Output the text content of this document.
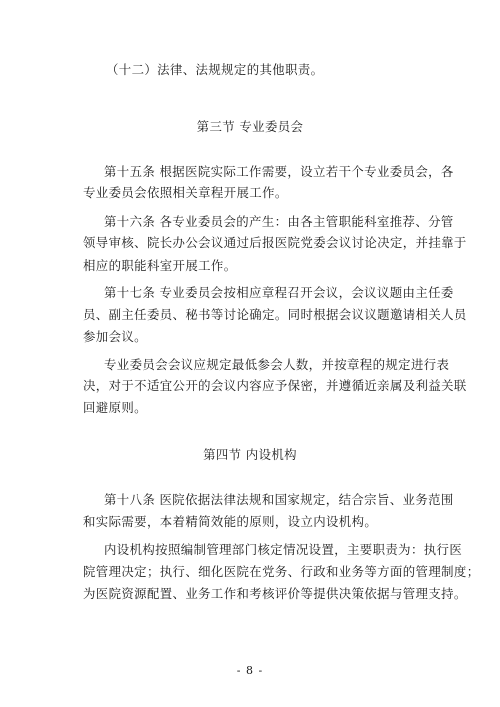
（十二）法律、法规规定的其他职责。
第三节 专业委员会
第十五条 根据医院实际工作需要，设立若干个专业委员会，各
专业委员会依照相关章程开展工作。
第十六条 各专业委员会的产生：由各主管职能科室推荐、分管
领导审核、院长办公会议通过后报医院党委会议讨论决定，并挂靠于
相应的职能科室开展工作。
第十七条 专业委员会按相应章程召开会议，会议议题由主任委
员、副主任委员、秘书等讨论确定。同时根据会议议题邀请相关人员
参加会议。
专业委员会会议应规定最低参会人数，并按章程的规定进行表
决，对于不适宜公开的会议内容应予保密，并遵循近亲属及利益关联
回避原则。
第四节 内设机构
第十八条 医院依据法律法规和国家规定，结合宗旨、业务范围
和实际需要，本着精简效能的原则，设立内设机构。
内设机构按照编制管理部门核定情况设置，主要职责为：执行医
院管理决定；执行、细化医院在党务、行政和业务等方面的管理制度；
为医院资源配置、业务工作和考核评价等提供决策依据与管理支持。
- 8 -
